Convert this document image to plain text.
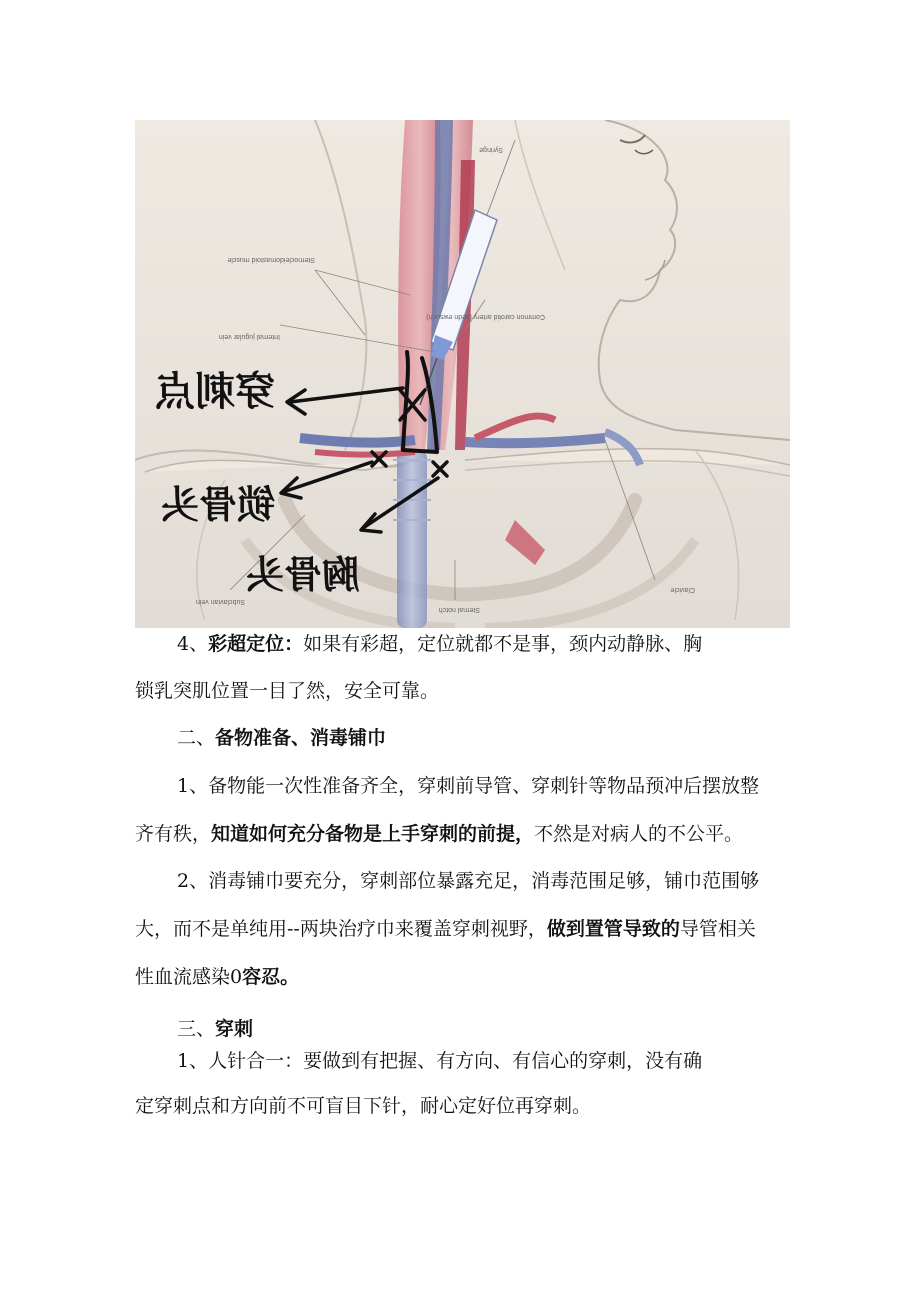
Syringe
Sternocleidomastoid muscle
Internal jugular vein
Common carotid artery (sedn ewsuch)
Subclavian vein
Sternal notch
Clavicle
穿刺点
锁骨头
胸骨头
4、彩超定位：如果有彩超，定位就都不是事，颈内动静脉、胸
锁乳突肌位置一目了然，安全可靠。
二、备物准备、消毒铺巾
1、备物能一次性准备齐全，穿刺前导管、穿刺针等物品预冲后摆放整
齐有秩，知道如何充分备物是上手穿刺的前提，不然是对病人的不公平。
2、消毒铺巾要充分，穿刺部位暴露充足，消毒范围足够，铺巾范围够
大，而不是单纯用--两块治疗巾来覆盖穿刺视野，做到置管导致的导管相关
性血流感染0容忍。
三、穿刺
1、人针合一：要做到有把握、有方向、有信心的穿刺，没有确
定穿刺点和方向前不可盲目下针，耐心定好位再穿刺。
